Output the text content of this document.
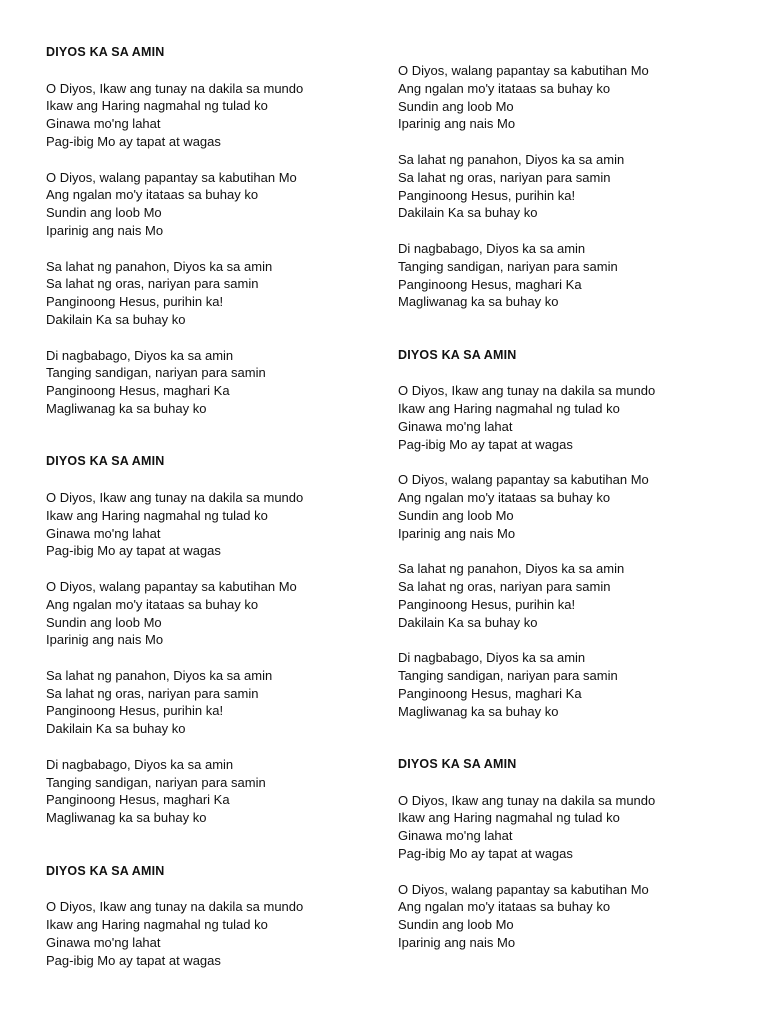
DIYOS KA SA AMIN
O Diyos, Ikaw ang tunay na dakila sa mundo
Ikaw ang Haring nagmahal ng tulad ko
Ginawa mo'ng lahat
Pag-ibig Mo ay tapat at wagas
O Diyos, walang papantay sa kabutihan Mo
Ang ngalan mo'y itataas sa buhay ko
Sundin ang loob Mo
Iparinig ang nais Mo
Sa lahat ng panahon, Diyos ka sa amin
Sa lahat ng oras, nariyan para samin
Panginoong Hesus, purihin ka!
Dakilain Ka sa buhay ko
Di nagbabago, Diyos ka sa amin
Tanging sandigan, nariyan para samin
Panginoong Hesus, maghari Ka
Magliwanag ka sa buhay ko
DIYOS KA SA AMIN
O Diyos, Ikaw ang tunay na dakila sa mundo
Ikaw ang Haring nagmahal ng tulad ko
Ginawa mo'ng lahat
Pag-ibig Mo ay tapat at wagas
O Diyos, walang papantay sa kabutihan Mo
Ang ngalan mo'y itataas sa buhay ko
Sundin ang loob Mo
Iparinig ang nais Mo
Sa lahat ng panahon, Diyos ka sa amin
Sa lahat ng oras, nariyan para samin
Panginoong Hesus, purihin ka!
Dakilain Ka sa buhay ko
Di nagbabago, Diyos ka sa amin
Tanging sandigan, nariyan para samin
Panginoong Hesus, maghari Ka
Magliwanag ka sa buhay ko
DIYOS KA SA AMIN
O Diyos, Ikaw ang tunay na dakila sa mundo
Ikaw ang Haring nagmahal ng tulad ko
Ginawa mo'ng lahat
Pag-ibig Mo ay tapat at wagas
O Diyos, walang papantay sa kabutihan Mo
Ang ngalan mo'y itataas sa buhay ko
Sundin ang loob Mo
Iparinig ang nais Mo
Sa lahat ng panahon, Diyos ka sa amin
Sa lahat ng oras, nariyan para samin
Panginoong Hesus, purihin ka!
Dakilain Ka sa buhay ko
Di nagbabago, Diyos ka sa amin
Tanging sandigan, nariyan para samin
Panginoong Hesus, maghari Ka
Magliwanag ka sa buhay ko
DIYOS KA SA AMIN
O Diyos, Ikaw ang tunay na dakila sa mundo
Ikaw ang Haring nagmahal ng tulad ko
Ginawa mo'ng lahat
Pag-ibig Mo ay tapat at wagas
O Diyos, walang papantay sa kabutihan Mo
Ang ngalan mo'y itataas sa buhay ko
Sundin ang loob Mo
Iparinig ang nais Mo
Sa lahat ng panahon, Diyos ka sa amin
Sa lahat ng oras, nariyan para samin
Panginoong Hesus, purihin ka!
Dakilain Ka sa buhay ko
Di nagbabago, Diyos ka sa amin
Tanging sandigan, nariyan para samin
Panginoong Hesus, maghari Ka
Magliwanag ka sa buhay ko
DIYOS KA SA AMIN
O Diyos, Ikaw ang tunay na dakila sa mundo
Ikaw ang Haring nagmahal ng tulad ko
Ginawa mo'ng lahat
Pag-ibig Mo ay tapat at wagas
O Diyos, walang papantay sa kabutihan Mo
Ang ngalan mo'y itataas sa buhay ko
Sundin ang loob Mo
Iparinig ang nais Mo
